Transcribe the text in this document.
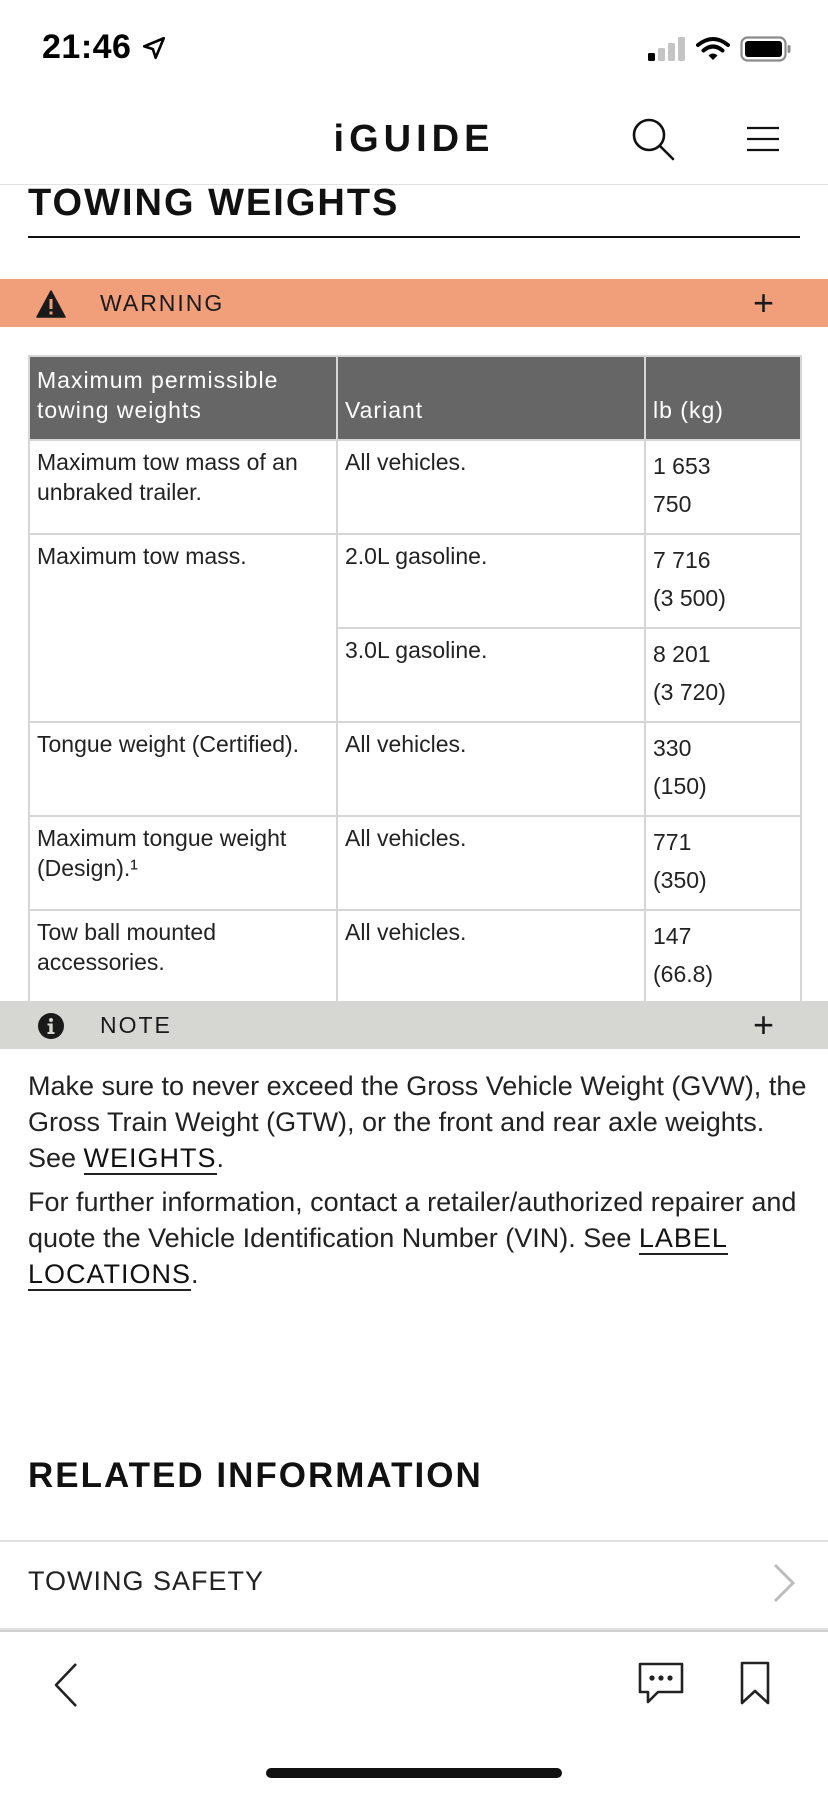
21:46
iGUIDE
TOWING WEIGHTS
WARNING	+
Maximum permissible towing weights	Variant	lb (kg)
Maximum tow mass of an unbraked trailer.	All vehicles.	1 653
750

Maximum tow mass.	2.0L gasoline.	7 716
(3 500)

	3.0L gasoline.	8 201
(3 720)

Tongue weight (Certified).	All vehicles.	330
(150)

Maximum tongue weight (Design).¹	All vehicles.	771
(350)

Tow ball mounted accessories.	All vehicles.	147
(66.8)
NOTE	+

Make sure to never exceed the Gross Vehicle Weight (GVW), the Gross Train Weight (GTW), or the front and rear axle weights. See WEIGHTS.

For further information, contact a retailer/authorized repairer and quote the Vehicle Identification Number (VIN). See LABEL LOCATIONS.

RELATED INFORMATION
TOWING SAFETY
